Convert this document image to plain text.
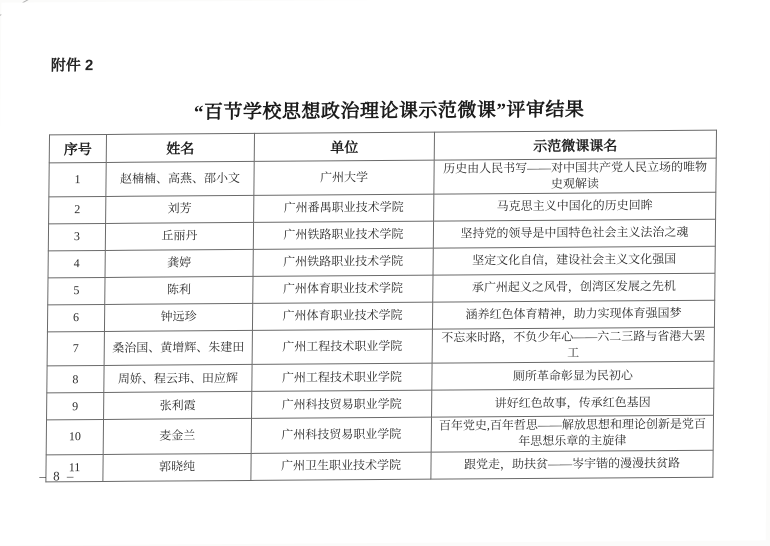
附件 2
“百节学校思想政治理论课示范微课”评审结果
序号	姓名	单位	示范微课课名
1	赵楠楠、高燕、邵小文	广州大学	历史由人民书写——对中国共产党人民立场的唯物史观解读
2	刘芳	广州番禺职业技术学院	马克思主义中国化的历史回眸
3	丘丽丹	广州铁路职业技术学院	坚持党的领导是中国特色社会主义法治之魂
4	龚婷	广州铁路职业技术学院	坚定文化自信，建设社会主义文化强国
5	陈利	广州体育职业技术学院	承广州起义之风骨，创湾区发展之先机
6	钟远珍	广州体育职业技术学院	涵养红色体育精神，助力实现体育强国梦
7	桑治国、黄增辉、朱建田	广州工程技术职业学院	不忘来时路，不负少年心——六二三路与省港大罢工
8	周娇、程云玮、田应辉	广州工程技术职业学院	厕所革命彰显为民初心
9	张利霞	广州科技贸易职业学院	讲好红色故事，传承红色基因
10	麦金兰	广州科技贸易职业学院	百年党史,百年哲思——解放思想和理论创新是党百年思想乐章的主旋律
11	郭晓纯	广州卫生职业技术学院	跟党走，助扶贫——岑宇锴的漫漫扶贫路
– 8 –
